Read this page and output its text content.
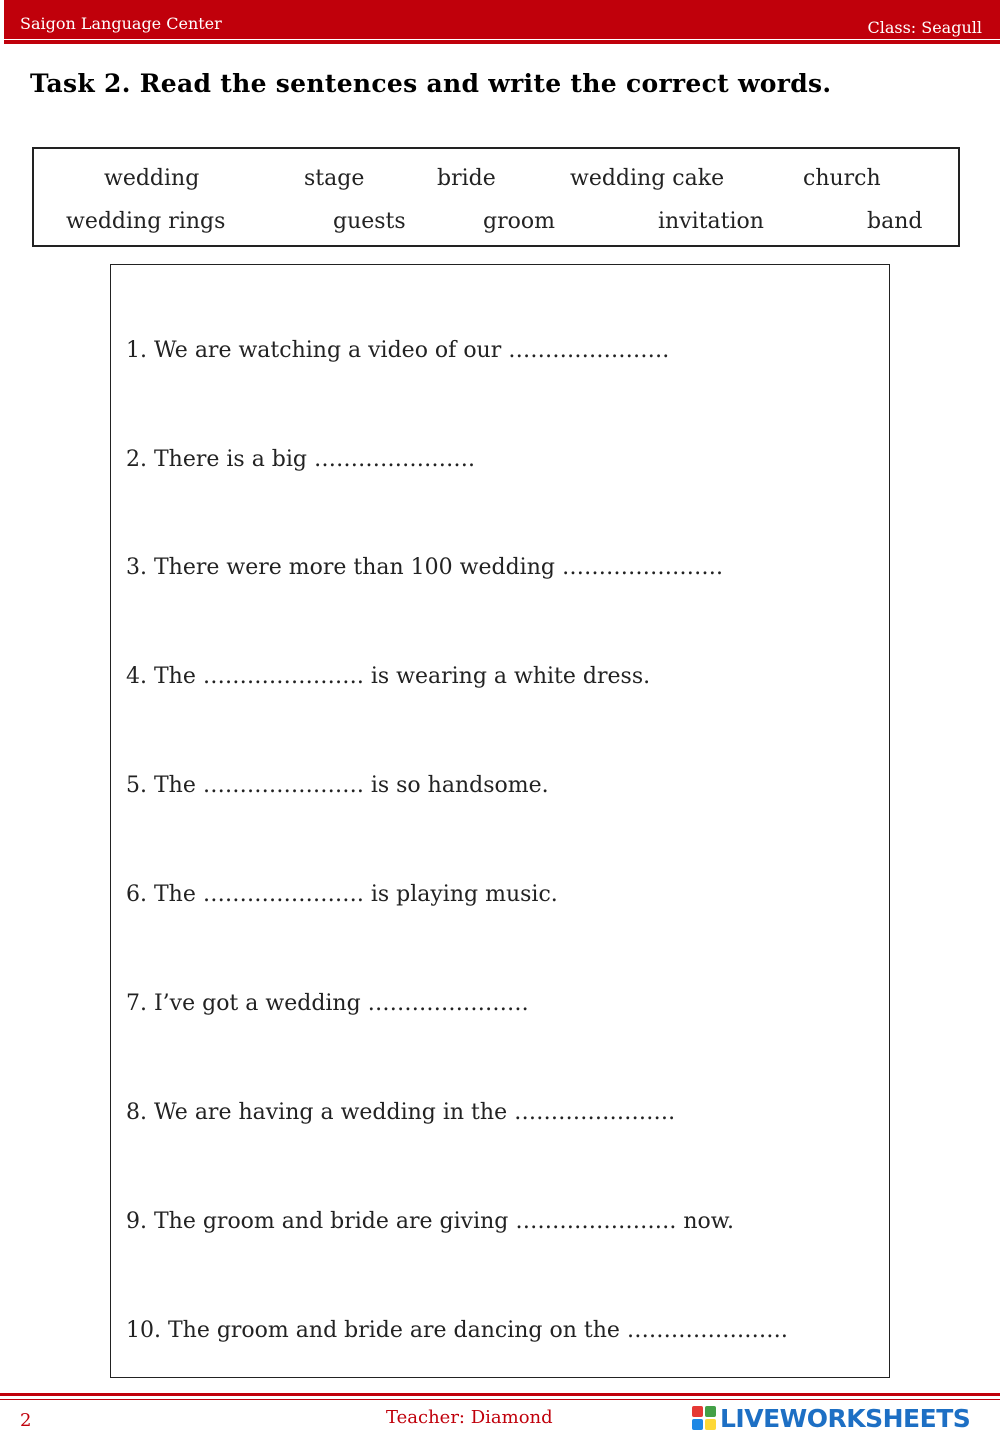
Saigon Language Center	Class: Seagull
Task 2. Read the sentences and write the correct words.
wedding	stage	bride	wedding cake	church
wedding rings	guests	groom	invitation	band
1. We are watching a video of our ………………….
2. There is a big ………………….
3. There were more than 100 wedding ………………….
4. The …………………. is wearing a white dress.
5. The …………………. is so handsome.
6. The …………………. is playing music.
7. I’ve got a wedding ………………….
8. We are having a wedding in the ………………….
9. The groom and bride are giving …………………. now.
10. The groom and bride are dancing on the ………………….
2	Teacher: Diamond	LIVEWORKSHEETS
